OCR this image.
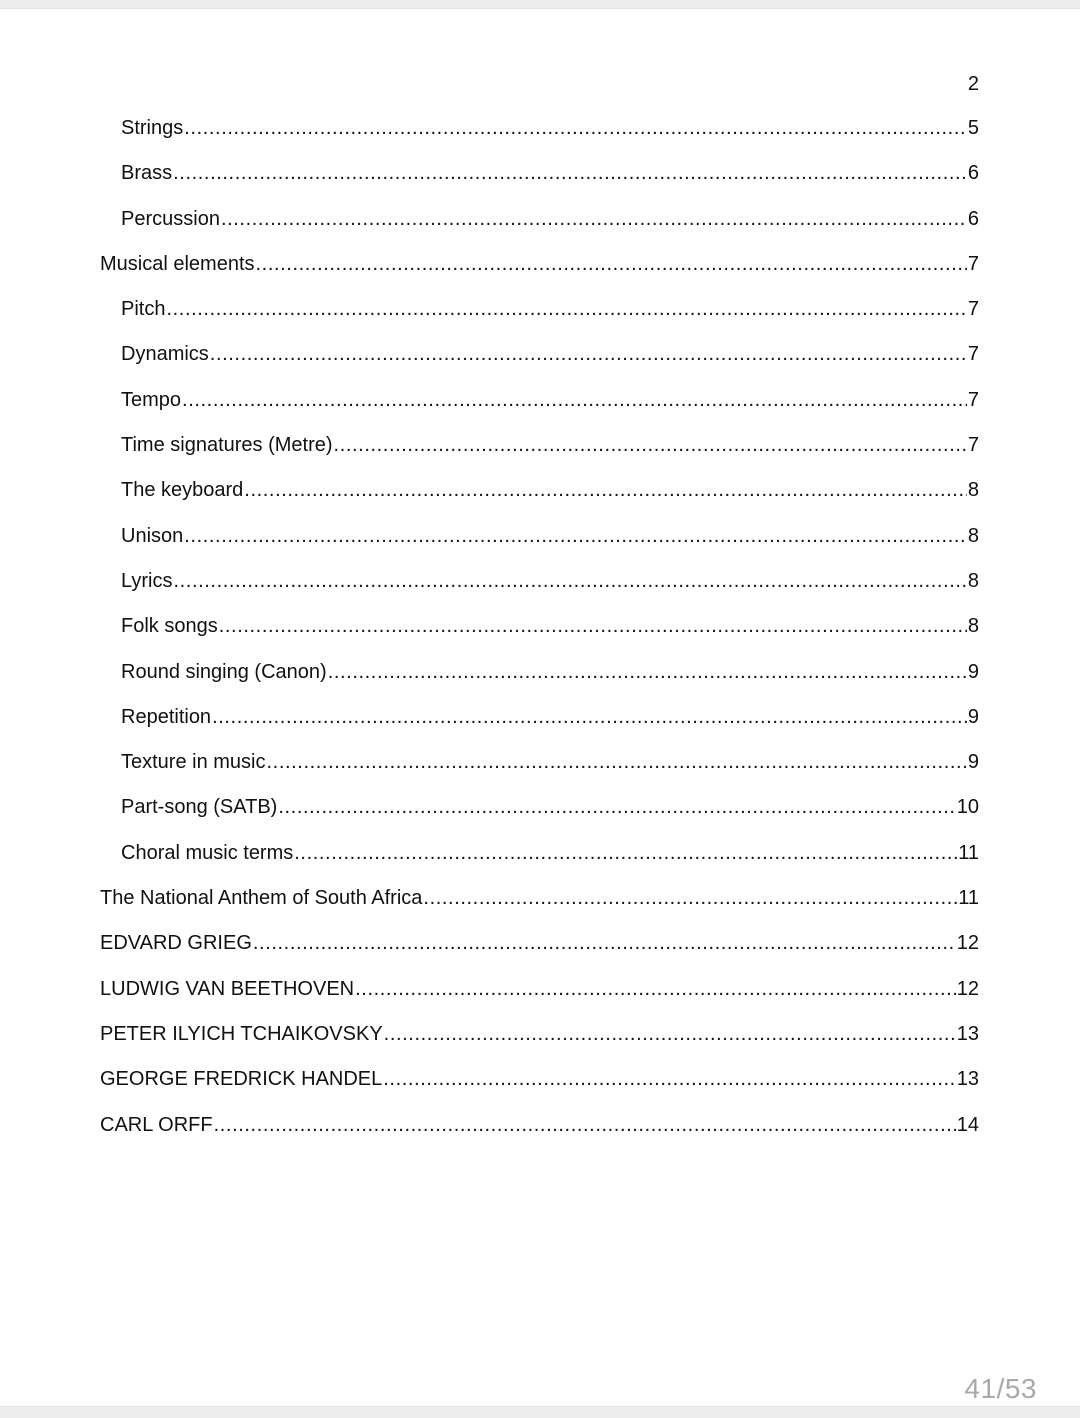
2
Strings .....	5
Brass .....	6
Percussion .....	6
Musical elements .....	7
Pitch .....	7
Dynamics .....	7
Tempo .....	7
Time signatures (Metre) .....	7
The keyboard .....	8
Unison .....	8
Lyrics .....	8
Folk songs .....	8
Round singing (Canon) .....	9
Repetition .....	9
Texture in music .....	9
Part-song (SATB) .....	10
Choral music terms .....	11
The National Anthem of South Africa .....	11
EDVARD GRIEG .....	12
LUDWIG VAN BEETHOVEN .....	12
PETER ILYICH TCHAIKOVSKY .....	13
GEORGE FREDRICK HANDEL .....	13
CARL ORFF .....	14
41/53
